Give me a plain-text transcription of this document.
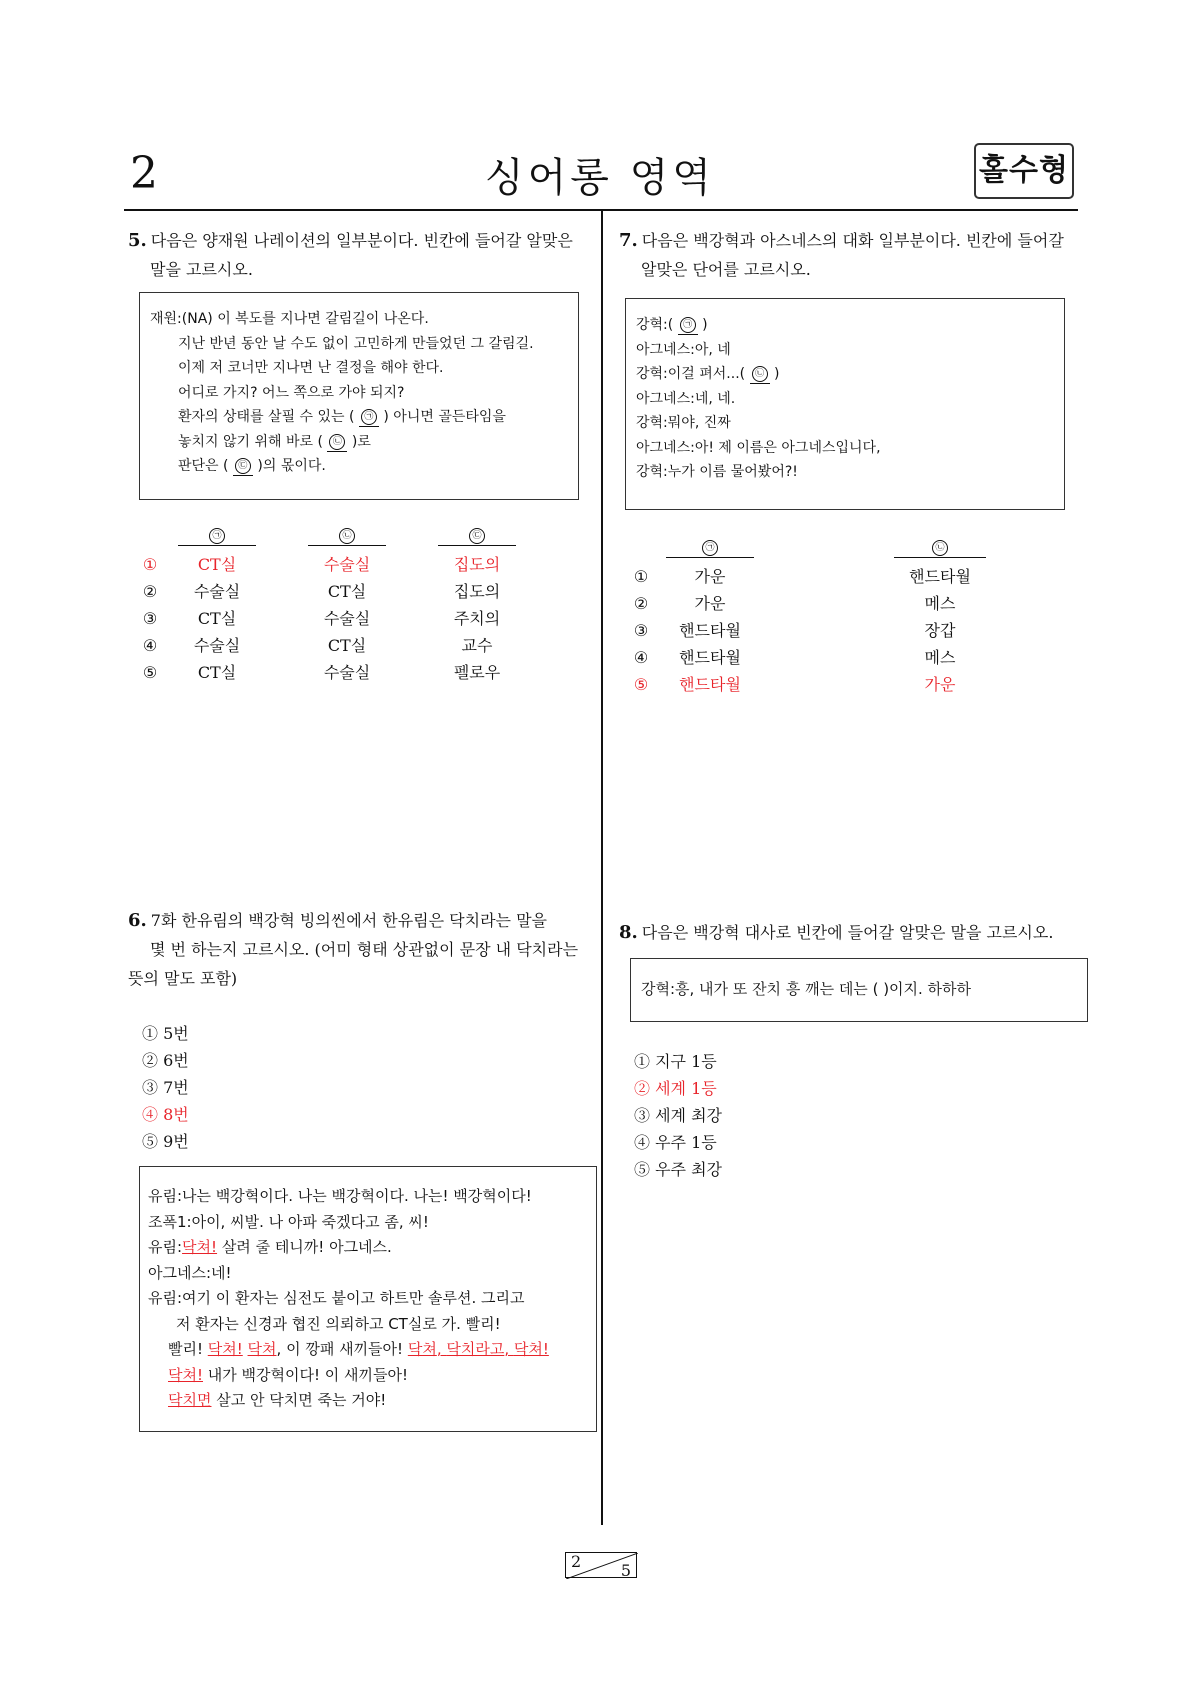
2	싱어롱 영역	홀수형
5. 다음은 양재원 나레이션의 일부분이다. 빈칸에 들어갈 알맞은
말을 고르시오.
재원:(NA) 이 복도를 지나면 갈림길이 나온다.
지난 반년 동안 날 수도 없이 고민하게 만들었던 그 갈림길.
이제 저 코너만 지나면 난 결정을 해야 한다.
어디로 가지? 어느 쪽으로 가야 되지?
환자의 상태를 살필 수 있는 ( ㉠ ) 아니면 골든타임을
놓치지 않기 위해 바로 ( ㉡ )로
판단은 ( ㉢ )의 몫이다.
㉠	㉡	㉢
①	CT실	수술실	집도의
②	수술실	CT실	집도의
③	CT실	수술실	주치의
④	수술실	CT실	교수
⑤	CT실	수술실	펠로우
6. 7화 한유림의 백강혁 빙의씬에서 한유림은 닥치라는 말을
몇 번 하는지 고르시오. (어미 형태 상관없이 문장 내 닥치라는
뜻의 말도 포함)
① 5번
② 6번
③ 7번
④ 8번
⑤ 9번
유림:나는 백강혁이다. 나는 백강혁이다. 나는! 백강혁이다!
조폭1:아이, 씨발. 나 아파 죽겠다고 좀, 씨!
유림:닥쳐! 살려 줄 테니까! 아그네스.
아그네스:네!
유림:여기 이 환자는 심전도 붙이고 하트만 솔루션. 그리고
저 환자는 신경과 협진 의뢰하고 CT실로 가. 빨리!
빨리! 닥쳐! 닥쳐, 이 깡패 새끼들아! 닥쳐, 닥치라고, 닥쳐!
닥쳐! 내가 백강혁이다! 이 새끼들아!
닥치면 살고 안 닥치면 죽는 거야!
7. 다음은 백강혁과 아스네스의 대화 일부분이다. 빈칸에 들어갈
알맞은 단어를 고르시오.
강혁:( ㉠ )
아그네스:아, 네
강혁:이걸 펴서...( ㉡ )
아그네스:네, 네.
강혁:뭐야, 진짜
아그네스:아! 제 이름은 아그네스입니다,
강혁:누가 이름 물어봤어?!
㉠	㉡
①	가운	핸드타월
②	가운	메스
③	핸드타월	장갑
④	핸드타월	메스
⑤	핸드타월	가운
8. 다음은 백강혁 대사로 빈칸에 들어갈 알맞은 말을 고르시오.
강혁:흥, 내가 또 잔치 흥 깨는 데는 ( )이지. 하하하
① 지구 1등
② 세계 1등
③ 세계 최강
④ 우주 1등
⑤ 우주 최강
2 5
